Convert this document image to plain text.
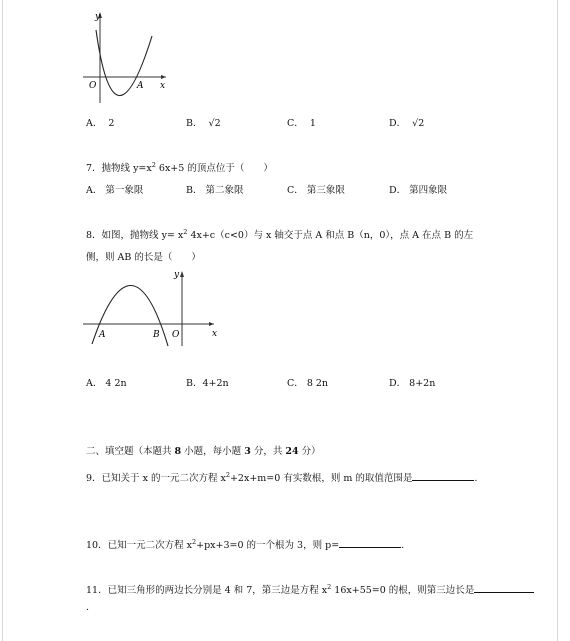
y
O	A x
A． 2	B． √2	C． 1	D． √2
7．抛物线 $y=x^2$ 6x+5 的顶点位于（　　）
A． 第一象限	B． 第二象限	C． 第三象限	D． 第四象限
8．如图，抛物线 $y= x^2$ 4x+c（c<0）与 x 轴交于点 A 和点 B（n，0），点 A 在点 B 的左
侧，则 AB 的长是（　　）
y
A	B O	x
A． 4 2n	B．4+2n	C． 8 2n	D． 8+2n
二、填空题（本题共 8 小题，每小题 3 分，共 24 分）
9．已知关于 x 的一元二次方程 $x^2+2x+m=0$ 有实数根，则 m 的取值范围是	.
10．已知一元二次方程 $x^2+px+3=0$ 的一个根为 3，则 p=	.
11．已知三角形的两边长分别是 4 和 7，第三边是方程 $x^2$ 16x+55=0 的根，则第三边长是
.
